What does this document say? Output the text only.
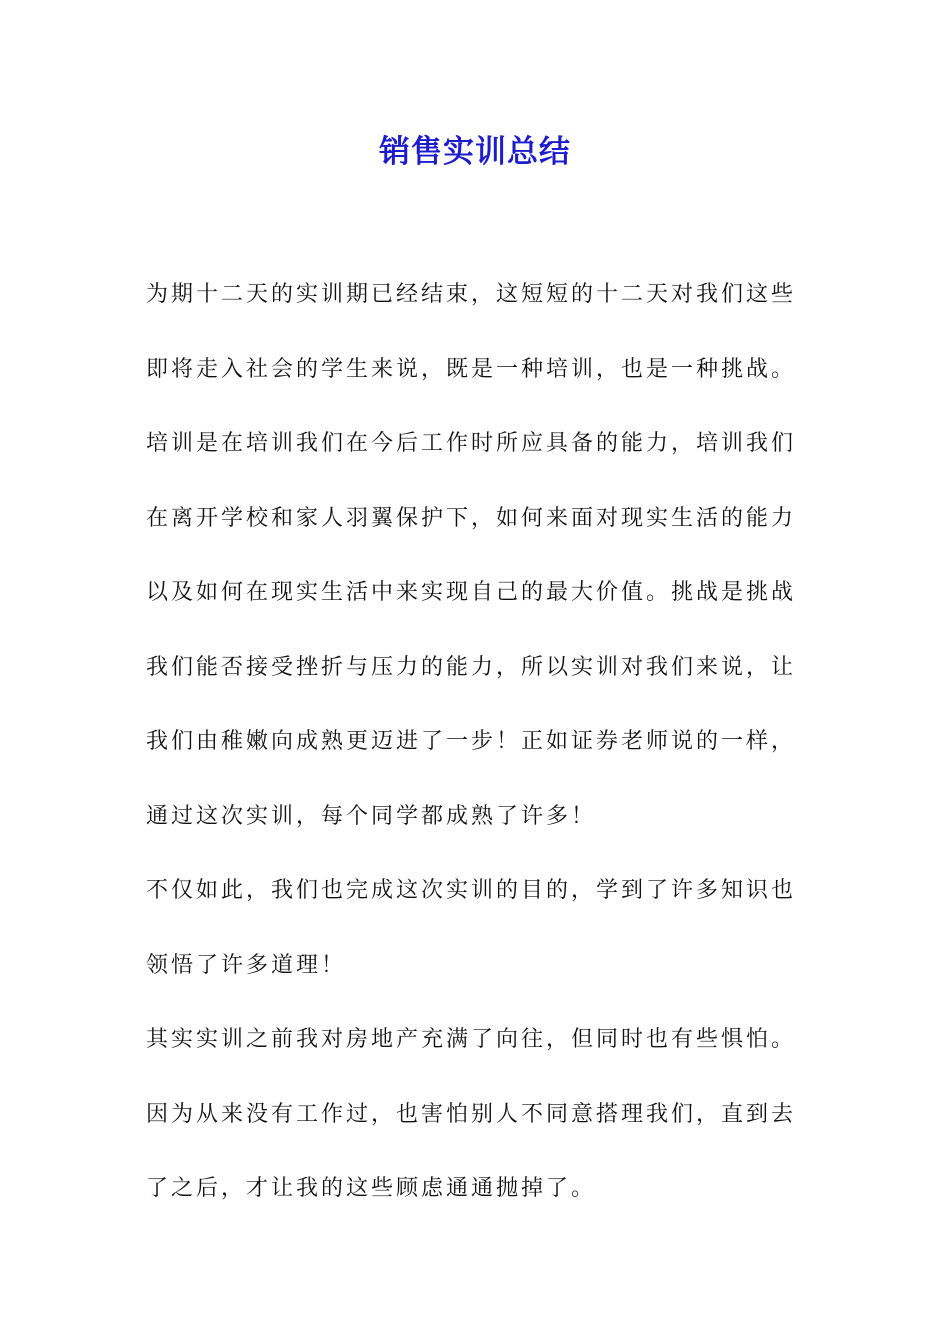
销售实训总结

为期十二天的实训期已经结束，这短短的十二天对我们这些即将走入社会的学生来说，既是一种培训，也是一种挑战。培训是在培训我们在今后工作时所应具备的能力，培训我们在离开学校和家人羽翼保护下，如何来面对现实生活的能力以及如何在现实生活中来实现自己的最大价值。挑战是挑战我们能否接受挫折与压力的能力，所以实训对我们来说，让我们由稚嫩向成熟更迈进了一步！正如证券老师说的一样，通过这次实训，每个同学都成熟了许多！

不仅如此，我们也完成这次实训的目的，学到了许多知识也领悟了许多道理！

其实实训之前我对房地产充满了向往，但同时也有些惧怕。因为从来没有工作过，也害怕别人不同意搭理我们，直到去了之后，才让我的这些顾虑通通抛掉了。
